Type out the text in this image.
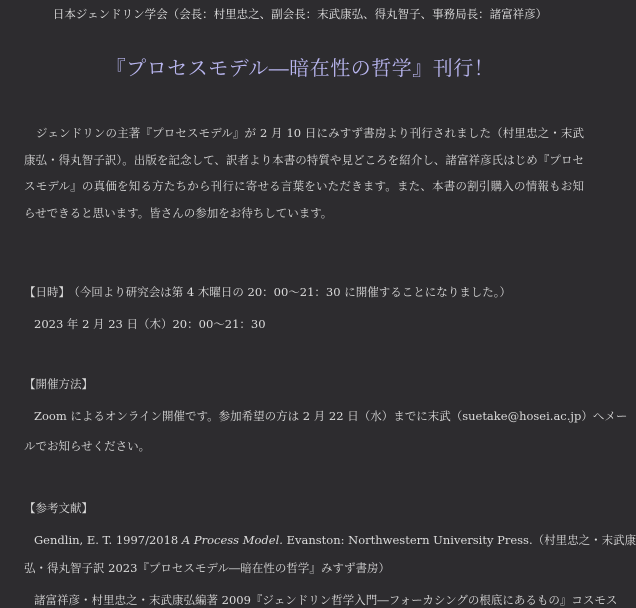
日本ジェンドリン学会（会長：村里忠之、副会長：末武康弘、得丸智子、事務局長：諸富祥彦）
『プロセスモデル―暗在性の哲学』刊行！
ジェンドリンの主著『プロセスモデル』が 2 月 10 日にみすず書房より刊行されました（村里忠之・末武康弘・得丸智子訳）。出版を記念して、訳者より本書の特質や見どころを紹介し、諸富祥彦氏はじめ『プロセスモデル』の真価を知る方たちから刊行に寄せる言葉をいただきます。また、本書の割引購入の情報もお知らせできると思います。皆さんの参加をお待ちしています。
【日時】 （今回より研究会は第 4 木曜日の 20：00～21：30 に開催することになりました。）
2023 年 2 月 23 日（木）20：00～21：30
【開催方法】
Zoom によるオンライン開催です。参加希望の方は 2 月 22 日（水）までに末武（suetake@hosei.ac.jp）へメー
ルでお知らせください。
【参考文献】
Gendlin, E. T. 1997/2018 A Process Model. Evanston: Northwestern University Press.（村里忠之・末武康
弘・得丸智子訳 2023『プロセスモデル―暗在性の哲学』みすず書房）
諸富祥彦・村里忠之・末武康弘編著 2009『ジェンドリン哲学入門―フォーカシングの根底にあるもの』コスモス
